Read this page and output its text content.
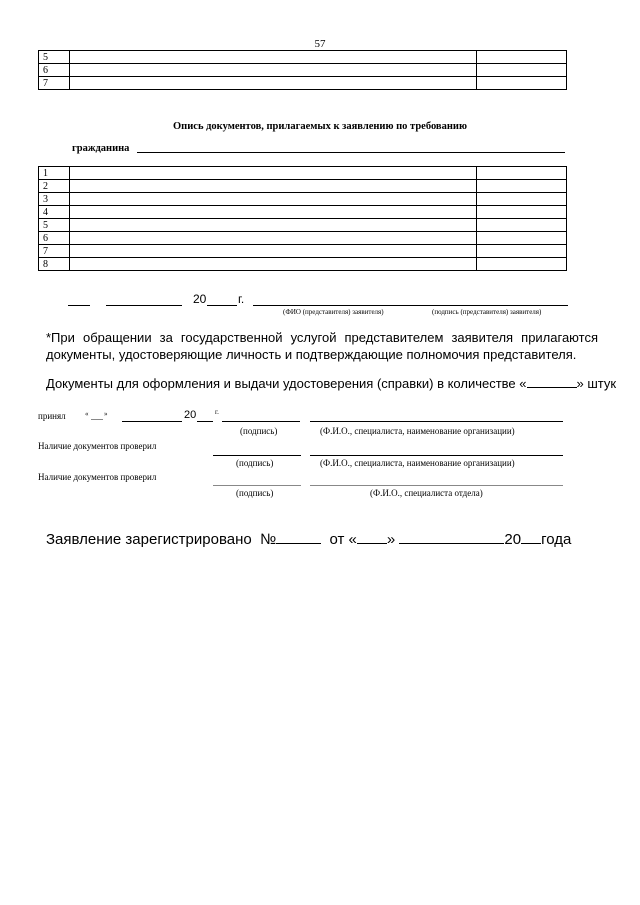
57
5		
6		
7		
Опись документов, прилагаемых к заявлению по требованию
гражданина
1		
2		
3		
4		
5		
6		
7		
8		
20	г.
(ФИО (представителя) заявителя)	(подпись (представителя) заявителя)
*При обращении за государственной услугой представителем заявителя прилагаются документы, удостоверяющие личность и подтверждающие полномочия представителя.
Документы для оформления и выдачи удостоверения (справки) в количестве «	» штук
принял	« »	20	г.
(подпись)	(Ф.И.О., специалиста, наименование организации)
Наличие документов проверил
(подпись)	(Ф.И.О., специалиста, наименование организации)
Наличие документов проверил
(подпись)	(Ф.И.О., специалиста отдела)
Заявление зарегистрировано №	от « »	20 года
